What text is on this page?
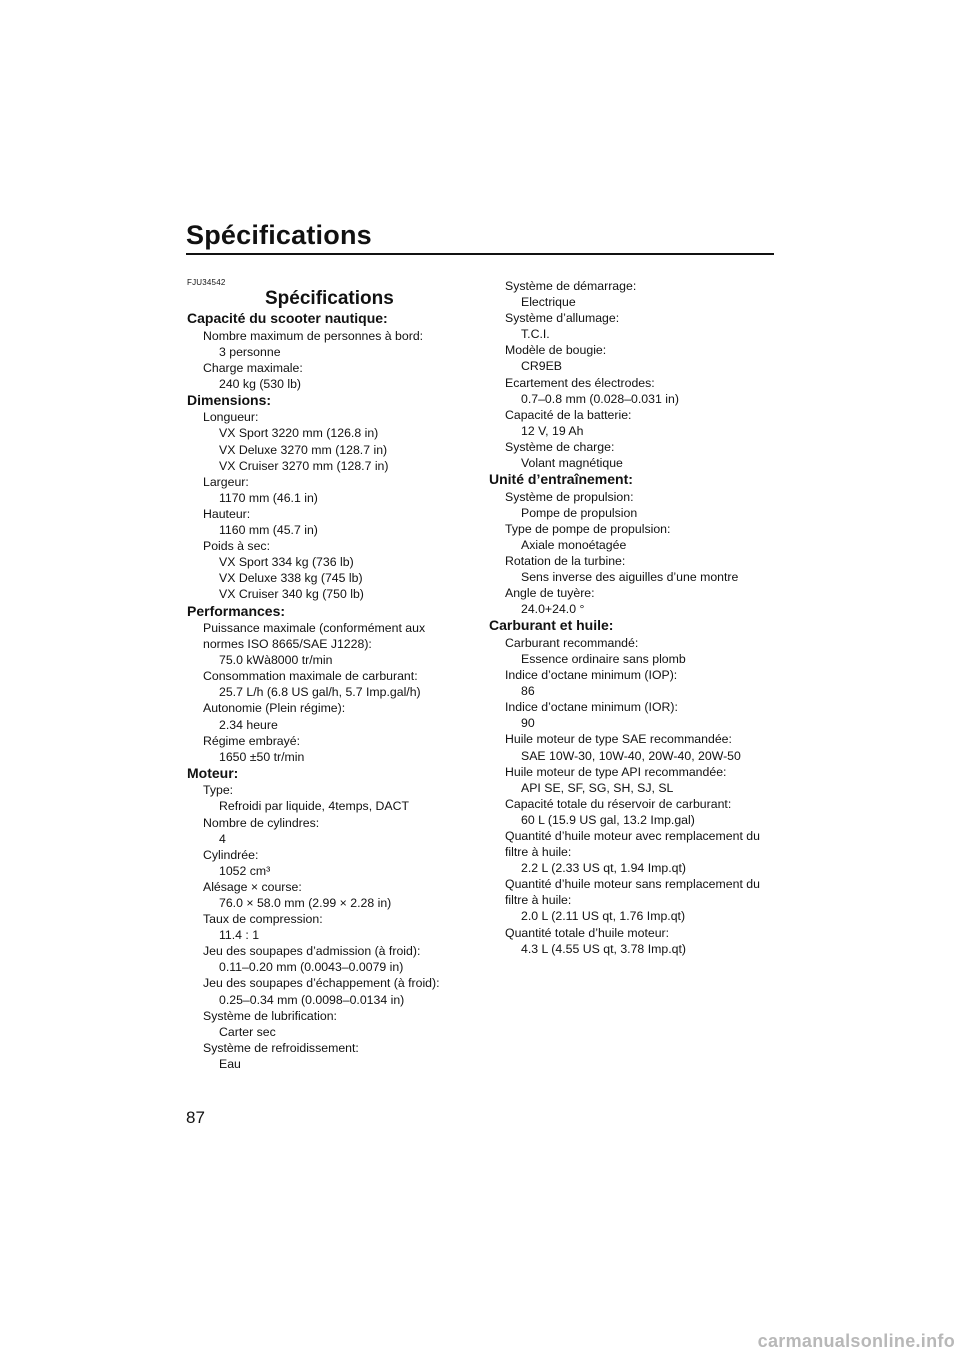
Spécifications

FJU34542

Spécifications
Capacité du scooter nautique:
Nombre maximum de personnes à bord:
3 personne
Charge maximale:
240 kg (530 lb)
Dimensions:
Longueur:
VX Sport 3220 mm (126.8 in)
VX Deluxe 3270 mm (128.7 in)
VX Cruiser 3270 mm (128.7 in)
Largeur:
1170 mm (46.1 in)
Hauteur:
1160 mm (45.7 in)
Poids à sec:
VX Sport 334 kg (736 lb)
VX Deluxe 338 kg (745 lb)
VX Cruiser 340 kg (750 lb)
Performances:
Puissance maximale (conformément aux
normes ISO 8665/SAE J1228):
75.0 kWà8000 tr/min
Consommation maximale de carburant:
25.7 L/h (6.8 US gal/h, 5.7 Imp.gal/h)
Autonomie (Plein régime):
2.34 heure
Régime embrayé:
1650 ±50 tr/min
Moteur:
Type:
Refroidi par liquide, 4temps, DACT
Nombre de cylindres:
4
Cylindrée:
1052 cm³
Alésage × course:
76.0 × 58.0 mm (2.99 × 2.28 in)
Taux de compression:
11.4 : 1
Jeu des soupapes d’admission (à froid):
0.11–0.20 mm (0.0043–0.0079 in)
Jeu des soupapes d’échappement (à froid):
0.25–0.34 mm (0.0098–0.0134 in)
Système de lubrification:
Carter sec
Système de refroidissement:
Eau
Système de démarrage:
Electrique
Système d’allumage:
T.C.I.
Modèle de bougie:
CR9EB
Ecartement des électrodes:
0.7–0.8 mm (0.028–0.031 in)
Capacité de la batterie:
12 V, 19 Ah
Système de charge:
Volant magnétique
Unité d’entraînement:
Système de propulsion:
Pompe de propulsion
Type de pompe de propulsion:
Axiale monoétagée
Rotation de la turbine:
Sens inverse des aiguilles d’une montre
Angle de tuyère:
24.0+24.0 °
Carburant et huile:
Carburant recommandé:
Essence ordinaire sans plomb
Indice d’octane minimum (IOP):
86
Indice d’octane minimum (IOR):
90
Huile moteur de type SAE recommandée:
SAE 10W-30, 10W-40, 20W-40, 20W-50
Huile moteur de type API recommandée:
API SE, SF, SG, SH, SJ, SL
Capacité totale du réservoir de carburant:
60 L (15.9 US gal, 13.2 Imp.gal)
Quantité d’huile moteur avec remplacement du
filtre à huile:
2.2 L (2.33 US qt, 1.94 Imp.qt)
Quantité d’huile moteur sans remplacement du
filtre à huile:
2.0 L (2.11 US qt, 1.76 Imp.qt)
Quantité totale d’huile moteur:
4.3 L (4.55 US qt, 3.78 Imp.qt)
87
carmanualsonline.info
